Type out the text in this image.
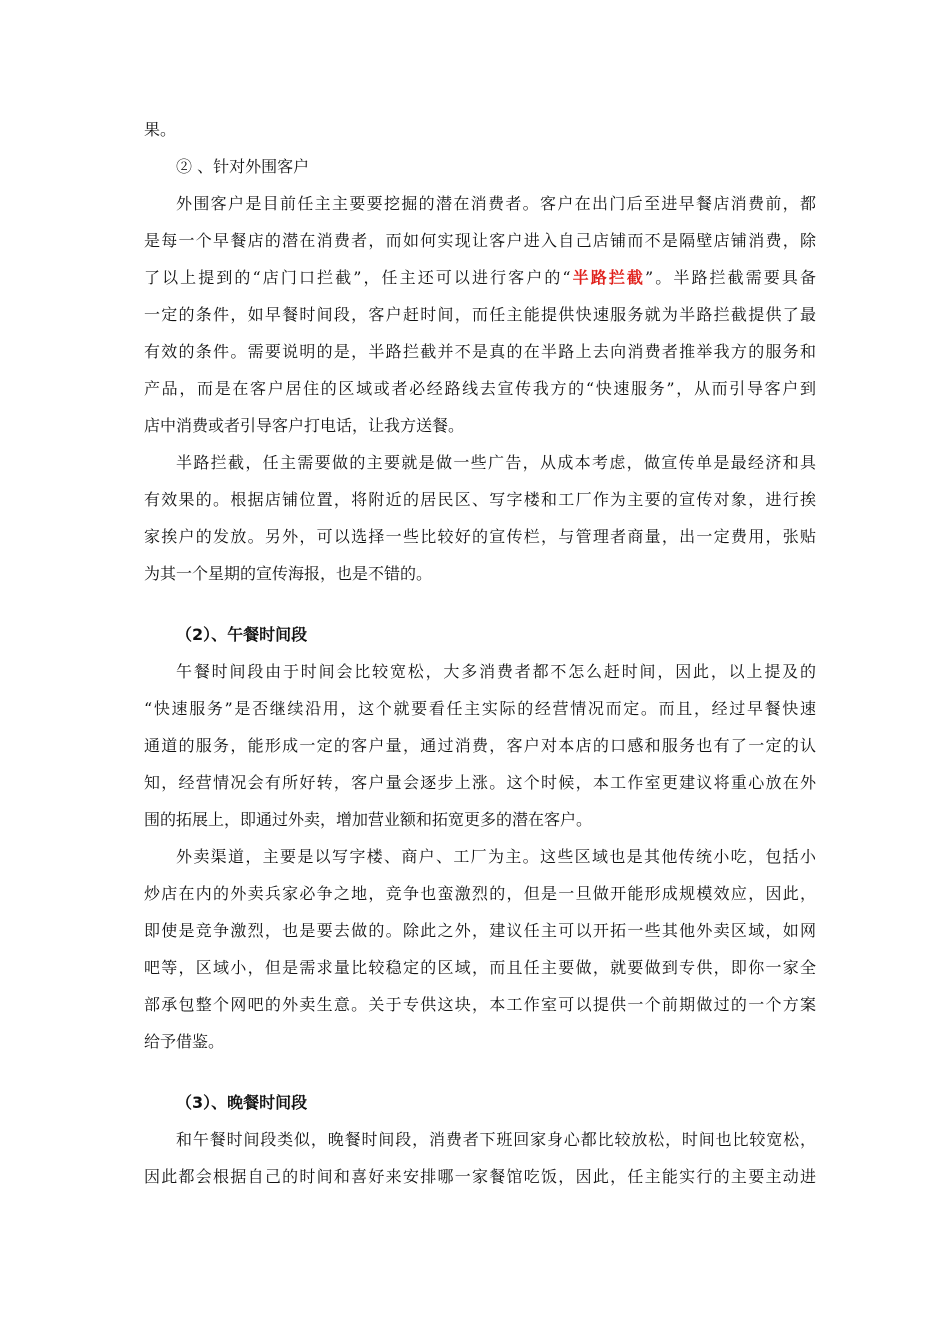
果。
② 、针对外围客户
外围客户是目前任主主要要挖掘的潜在消费者。客户在出门后至进早餐店消费前，都
是每一个早餐店的潜在消费者，而如何实现让客户进入自己店铺而不是隔壁店铺消费，除
了以上提到的“店门口拦截”，任主还可以进行客户的“半路拦截”。半路拦截需要具备
一定的条件，如早餐时间段，客户赶时间，而任主能提供快速服务就为半路拦截提供了最
有效的条件。需要说明的是，半路拦截并不是真的在半路上去向消费者推举我方的服务和
产品，而是在客户居住的区域或者必经路线去宣传我方的“快速服务”，从而引导客户到
店中消费或者引导客户打电话，让我方送餐。
半路拦截，任主需要做的主要就是做一些广告，从成本考虑，做宣传单是最经济和具
有效果的。根据店铺位置，将附近的居民区、写字楼和工厂作为主要的宣传对象，进行挨
家挨户的发放。另外，可以选择一些比较好的宣传栏，与管理者商量，出一定费用，张贴
为其一个星期的宣传海报，也是不错的。
（2）、午餐时间段
午餐时间段由于时间会比较宽松，大多消费者都不怎么赶时间，因此，以上提及的
“快速服务”是否继续沿用，这个就要看任主实际的经营情况而定。而且，经过早餐快速
通道的服务，能形成一定的客户量，通过消费，客户对本店的口感和服务也有了一定的认
知，经营情况会有所好转，客户量会逐步上涨。这个时候，本工作室更建议将重心放在外
围的拓展上，即通过外卖，增加营业额和拓宽更多的潜在客户。
外卖渠道，主要是以写字楼、商户、工厂为主。这些区域也是其他传统小吃，包括小
炒店在内的外卖兵家必争之地，竞争也蛮激烈的，但是一旦做开能形成规模效应，因此，
即使是竞争激烈，也是要去做的。除此之外，建议任主可以开拓一些其他外卖区域，如网
吧等，区域小，但是需求量比较稳定的区域，而且任主要做，就要做到专供，即你一家全
部承包整个网吧的外卖生意。关于专供这块，本工作室可以提供一个前期做过的一个方案
给予借鉴。
（3）、晚餐时间段
和午餐时间段类似，晚餐时间段，消费者下班回家身心都比较放松，时间也比较宽松，
因此都会根据自己的时间和喜好来安排哪一家餐馆吃饭，因此，任主能实行的主要主动进
